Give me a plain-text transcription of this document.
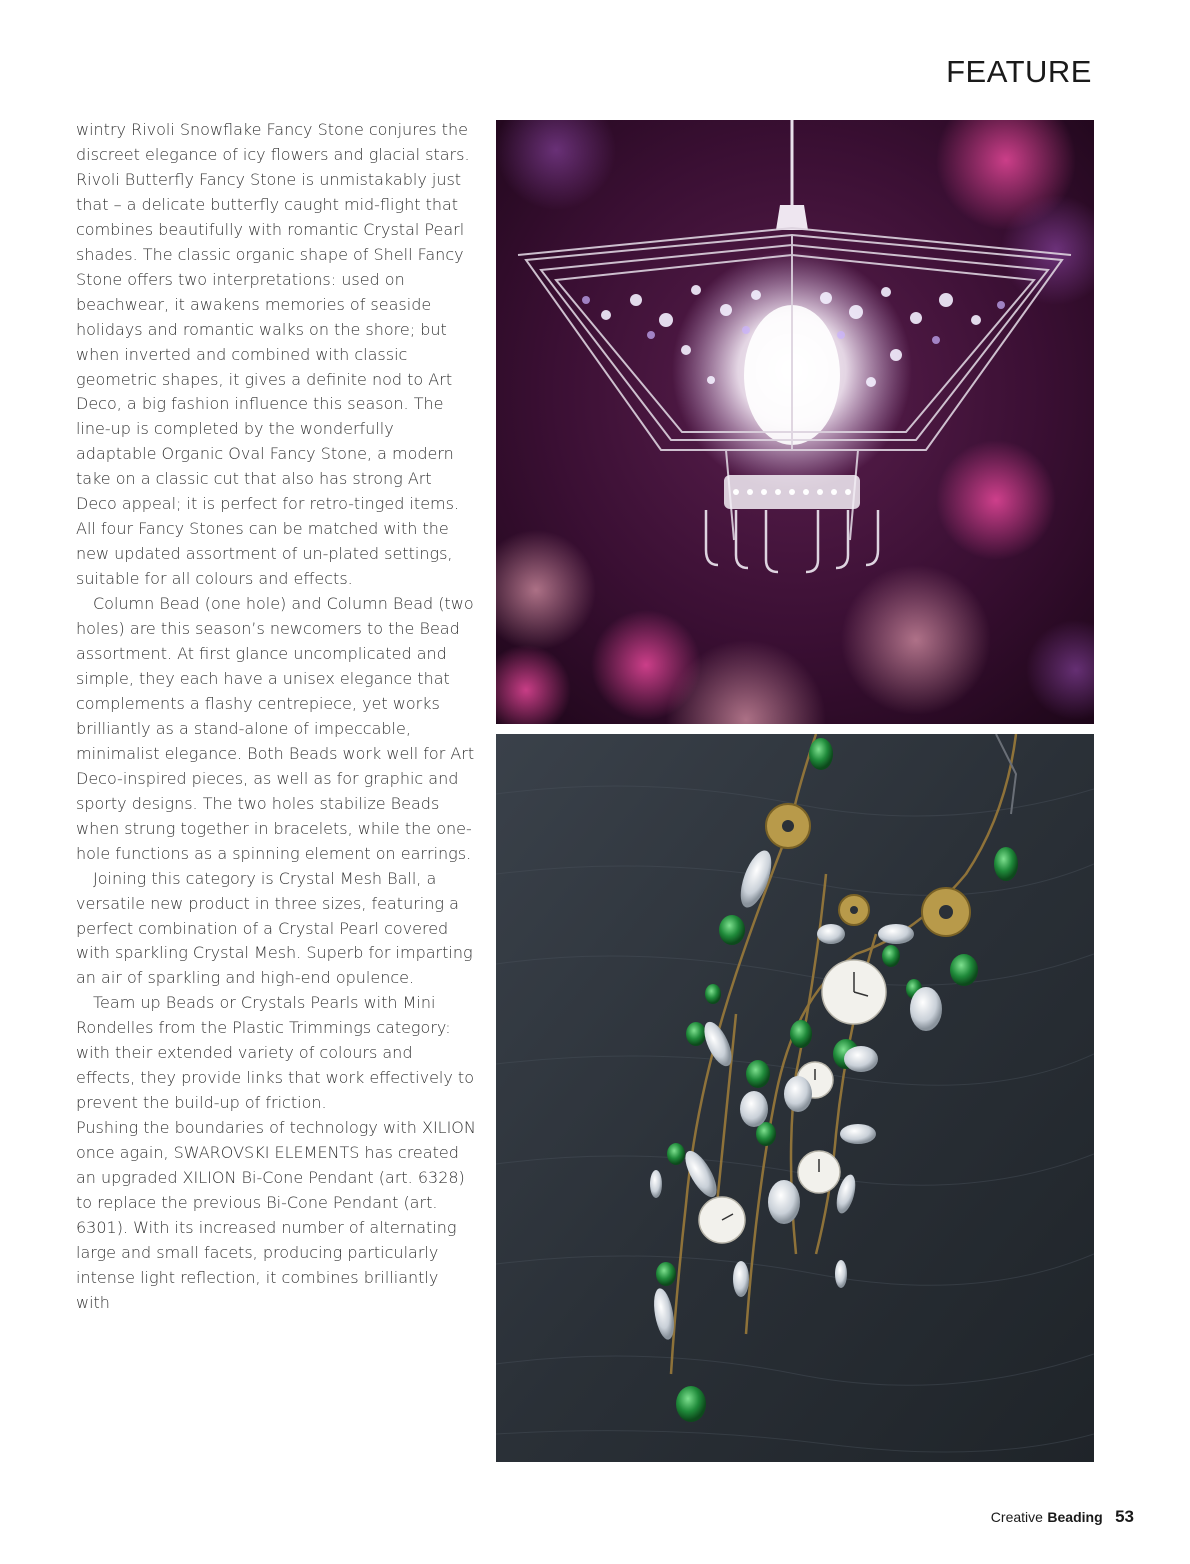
FEATURE

wintry Rivoli Snowflake Fancy Stone conjures the discreet elegance of icy flowers and glacial stars. Rivoli Butterfly Fancy Stone is unmistakably just that – a delicate butterfly caught mid-flight that combines beautifully with romantic Crystal Pearl shades. The classic organic shape of Shell Fancy Stone offers two interpretations: used on beachwear, it awakens memories of seaside holidays and romantic walks on the shore; but when inverted and combined with classic geometric shapes, it gives a definite nod to Art Deco, a big fashion influence this season. The line-up is completed by the wonderfully adaptable Organic Oval Fancy Stone, a modern take on a classic cut that also has strong Art Deco appeal; it is perfect for retro-tinged items. All four Fancy Stones can be matched with the new updated assortment of un-plated settings, suitable for all colours and effects.

Column Bead (one hole) and Column Bead (two holes) are this season’s newcomers to the Bead assortment. At first glance uncomplicated and simple, they each have a unisex elegance that complements a flashy centrepiece, yet works brilliantly as a stand-alone of impeccable, minimalist elegance. Both Beads work well for Art Deco-inspired pieces, as well as for graphic and sporty designs. The two holes stabilize Beads when strung together in bracelets, while the one-hole functions as a spinning element on earrings.

Joining this category is Crystal Mesh Ball, a versatile new product in three sizes, featuring a perfect combination of a Crystal Pearl covered with sparkling Crystal Mesh. Superb for imparting an air of sparkling and high-end opulence.

Team up Beads or Crystals Pearls with Mini Rondelles from the Plastic Trimmings category: with their extended variety of colours and effects, they provide links that work effectively to prevent the build-up of friction.

Pushing the boundaries of technology with XILION once again, SWAROVSKI ELEMENTS has created an upgraded XILION Bi-Cone Pendant (art. 6328) to replace the previous Bi-Cone Pendant (art. 6301). With its increased number of alternating large and small facets, producing particularly intense light reflection, it combines brilliantly with

Creative Beading 53
